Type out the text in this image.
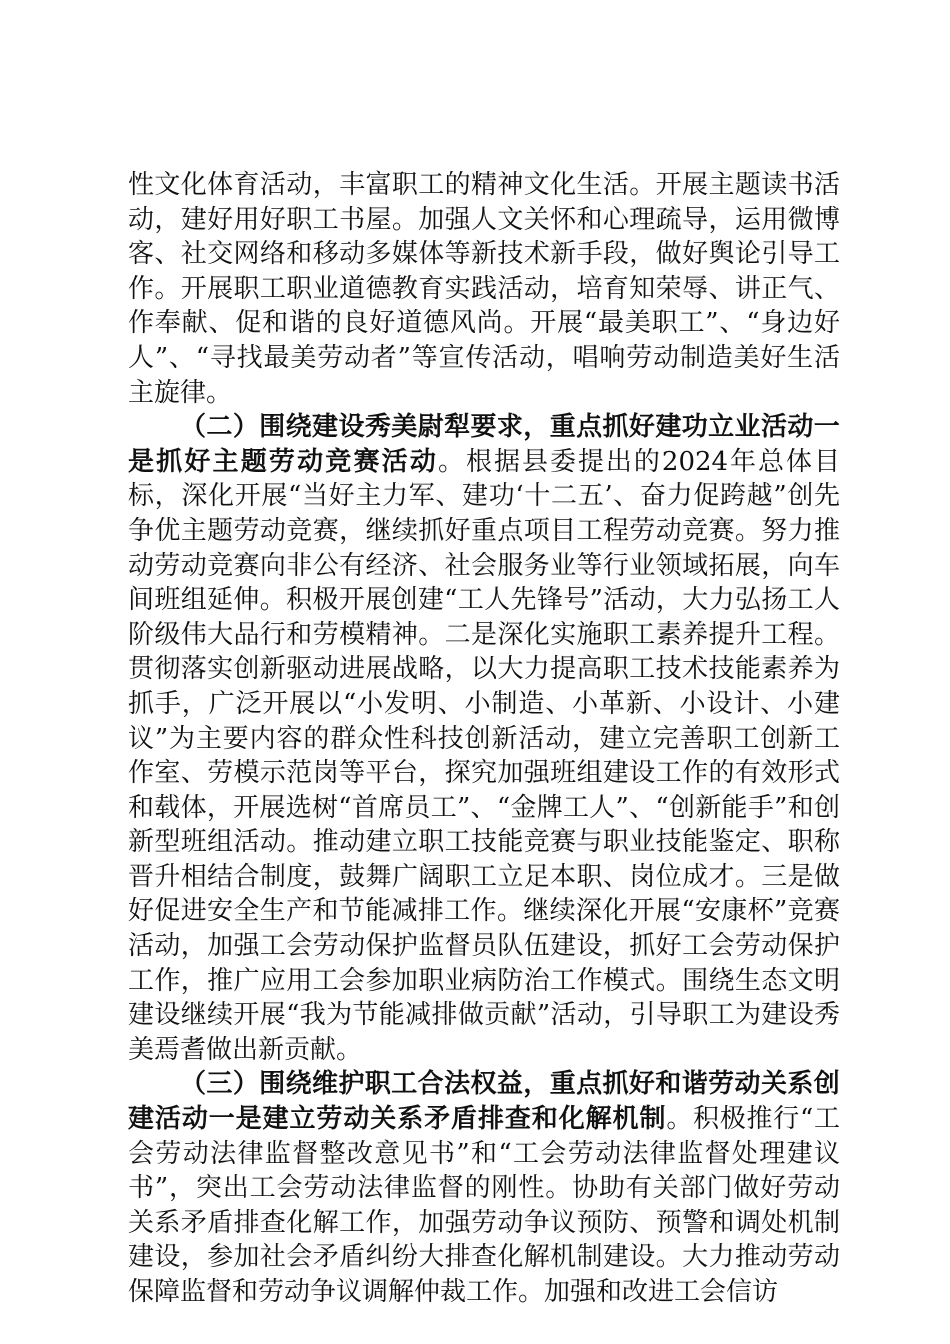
性文化体育活动，丰富职工的精神文化生活。开展主题读书活动，建好用好职工书屋。加强人文关怀和心理疏导，运用微博客、社交网络和移动多媒体等新技术新手段，做好舆论引导工作。开展职工职业道德教育实践活动，培育知荣辱、讲正气、作奉献、促和谐的良好道德风尚。开展“最美职工”、“身边好人”、“寻找最美劳动者”等宣传活动，唱响劳动制造美好生活主旋律。

（二）围绕建设秀美尉犁要求，重点抓好建功立业活动一是抓好主题劳动竞赛活动。根据县委提出的2024年总体目标，深化开展“当好主力军、建功‘十二五’、奋力促跨越”创先争优主题劳动竞赛，继续抓好重点项目工程劳动竞赛。努力推动劳动竞赛向非公有经济、社会服务业等行业领域拓展，向车间班组延伸。积极开展创建“工人先锋号”活动，大力弘扬工人阶级伟大品行和劳模精神。二是深化实施职工素养提升工程。贯彻落实创新驱动进展战略，以大力提高职工技术技能素养为抓手，广泛开展以“小发明、小制造、小革新、小设计、小建议”为主要内容的群众性科技创新活动，建立完善职工创新工作室、劳模示范岗等平台，探究加强班组建设工作的有效形式和载体，开展选树“首席员工”、“金牌工人”、“创新能手”和创新型班组活动。推动建立职工技能竞赛与职业技能鉴定、职称晋升相结合制度，鼓舞广阔职工立足本职、岗位成才。三是做好促进安全生产和节能减排工作。继续深化开展“安康杯”竞赛活动，加强工会劳动保护监督员队伍建设，抓好工会劳动保护工作，推广应用工会参加职业病防治工作模式。围绕生态文明建设继续开展“我为节能减排做贡献”活动，引导职工为建设秀美焉耆做出新贡献。

（三）围绕维护职工合法权益，重点抓好和谐劳动关系创建活动一是建立劳动关系矛盾排查和化解机制。积极推行“工会劳动法律监督整改意见书”和“工会劳动法律监督处理建议书”，突出工会劳动法律监督的刚性。协助有关部门做好劳动关系矛盾排查化解工作，加强劳动争议预防、预警和调处机制建设，参加社会矛盾纠纷大排查化解机制建设。大力推动劳动保障监督和劳动争议调解仲裁工作。加强和改进工会信访
